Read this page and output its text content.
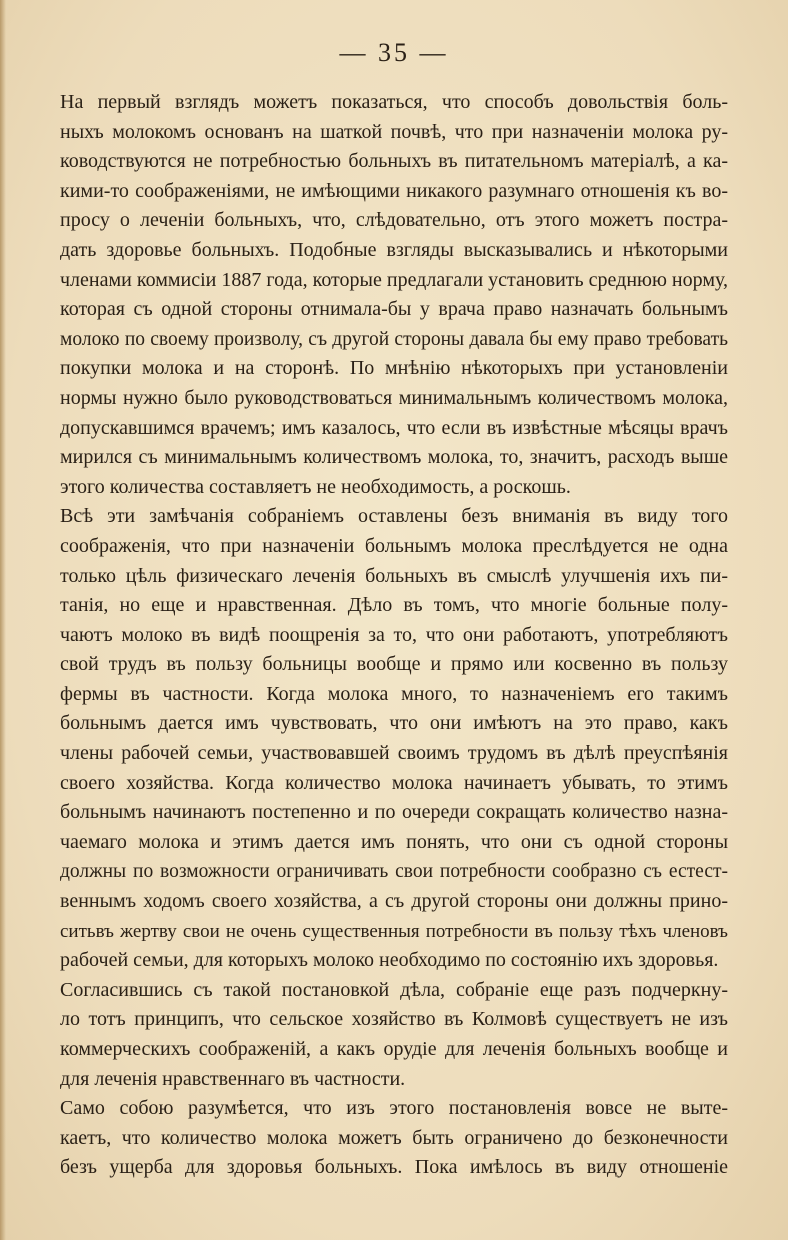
— 35 —
На первый взглядъ можетъ показаться, что способъ довольствія боль-
ныхъ молокомъ основанъ на шаткой почвѣ, что при назначеніи молока ру-
ководствуются не потребностью больныхъ въ питательномъ матеріалѣ, а ка-
кими-то соображеніями, не имѣющими никакого разумнаго отношенія къ во-
просу о леченіи больныхъ, что, слѣдовательно, отъ этого можетъ постра-
дать здоровье больныхъ. Подобные взгляды высказывались и нѣкоторыми
членами коммисіи 1887 года, которые предлагали установить среднюю норму,
которая съ одной стороны отнимала-бы у врача право назначать больнымъ
молоко по своему произволу, съ другой стороны давала бы ему право требовать
покупки молока и на сторонѣ. По мнѣнію нѣкоторыхъ при установленіи
нормы нужно было руководствоваться минимальнымъ количествомъ молока,
допускавшимся врачемъ; имъ казалось, что если въ извѣстные мѣсяцы врачъ
мирился съ минимальнымъ количествомъ молока, то, значитъ, расходъ выше
этого количества составляетъ не необходимость, а роскошь.
Всѣ эти замѣчанія собраніемъ оставлены безъ вниманія въ виду того
соображенія, что при назначеніи больнымъ молока преслѣдуется не одна
только цѣль физическаго леченія больныхъ въ смыслѣ улучшенія ихъ пи-
танія, но еще и нравственная. Дѣло въ томъ, что многіе больные полу-
чаютъ молоко въ видѣ поощренія за то, что они работаютъ, употребляютъ
свой трудъ въ пользу больницы вообще и прямо или косвенно въ пользу
фермы въ частности. Когда молока много, то назначеніемъ его такимъ
больнымъ дается имъ чувствовать, что они имѣютъ на это право, какъ
члены рабочей семьи, участвовавшей своимъ трудомъ въ дѣлѣ преуспѣянія
своего хозяйства. Когда количество молока начинаетъ убывать, то этимъ
больнымъ начинаютъ постепенно и по очереди сокращать количество назна-
чаемаго молока и этимъ дается имъ понять, что они съ одной стороны
должны по возможности ограничивать свои потребности сообразно съ естест-
веннымъ ходомъ своего хозяйства, а съ другой стороны они должны прино-
ситьвъ жертву свои не очень существенныя потребности въ пользу тѣхъ членовъ
рабочей семьи, для которыхъ молоко необходимо по состоянію ихъ здоровья.
Согласившись съ такой постановкой дѣла, собраніе еще разъ подчеркну-
ло тотъ принципъ, что сельское хозяйство въ Колмовѣ существуетъ не изъ
коммерческихъ соображеній, а какъ орудіе для леченія больныхъ вообще и
для леченія нравственнаго въ частности.
Само собою разумѣется, что изъ этого постановленія вовсе не выте-
каетъ, что количество молока можетъ быть ограничено до безконечности
безъ ущерба для здоровья больныхъ. Пока имѣлось въ виду отношеніе
